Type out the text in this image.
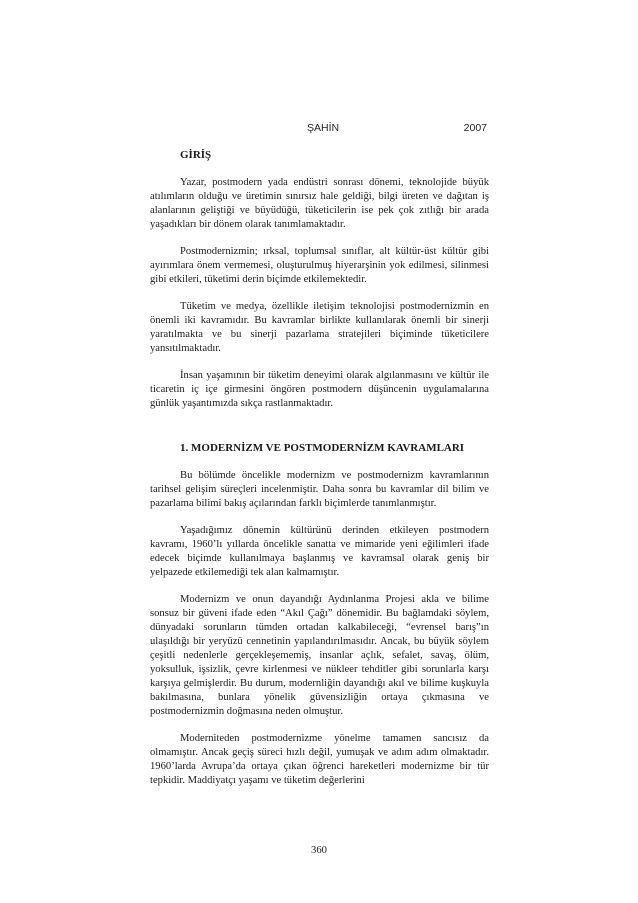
ŞAHİN	2007
GİRİŞ

Yazar, postmodern yada endüstri sonrası dönemi, teknolojide büyük atılımların olduğu ve üretimin sınırsız hale geldiği, bilgi üreten ve dağıtan iş alanlarının geliştiği ve büyüdüğü, tüketicilerin ise pek çok zıtlığı bir arada yaşadıkları bir dönem olarak tanımlamaktadır.

Postmodernizmin; ırksal, toplumsal sınıflar, alt kültür-üst kültür gibi ayırımlara önem vermemesi, oluşturulmuş hiyerarşinin yok edilmesi, silinmesi gibi etkileri, tüketimi derin biçimde etkilemektedir.

Tüketim ve medya, özellikle iletişim teknolojisi postmodernizmin en önemli iki kavramıdır. Bu kavramlar birlikte kullanılarak önemli bir sinerji yaratılmakta ve bu sinerji pazarlama stratejileri biçiminde tüketicilere yansıtılmaktadır.

İnsan yaşamının bir tüketim deneyimi olarak algılanmasını ve kültür ile ticaretin iç içe girmesini öngören postmodern düşüncenin uygulamalarına günlük yaşantımızda sıkça rastlanmaktadır.

1. MODERNİZM VE POSTMODERNİZM KAVRAMLARI

Bu bölümde öncelikle modernizm ve postmodernizm kavramlarının tarihsel gelişim süreçleri incelenmiştir. Daha sonra bu kavramlar dil bilim ve pazarlama bilimi bakış açılarından farklı biçimlerde tanımlanmıştır.

Yaşadığımız dönemin kültürünü derinden etkileyen postmodern kavramı, 1960’lı yıllarda öncelikle sanatta ve mimaride yeni eğilimleri ifade edecek biçimde kullanılmaya başlanmış ve kavramsal olarak geniş bir yelpazede etkilemediği tek alan kalmamıştır.

Modernizm ve onun dayandığı Aydınlanma Projesi akla ve bilime sonsuz bir güveni ifade eden “Akıl Çağı” dönemidir. Bu bağlamdaki söylem, dünyadaki sorunların tümden ortadan kalkabileceği, “evrensel barış”ın ulaşıldığı bir yeryüzü cennetinin yapılandırılmasıdır. Ancak, bu büyük söylem çeşitli nedenlerle gerçekleşememiş, insanlar açlık, sefalet, savaş, ölüm, yoksulluk, işsizlik, çevre kirlenmesi ve nükleer tehditler gibi sorunlarla karşı karşıya gelmişlerdir. Bu durum, modernliğin dayandığı akıl ve bilime kuşkuyla bakılmasına, bunlara yönelik güvensizliğin ortaya çıkmasına ve postmodernizmin doğmasına neden olmuştur.

Moderniteden postmodernizme yönelme tamamen sancısız da olmamıştır. Ancak geçiş süreci hızlı değil, yumuşak ve adım adım olmaktadır. 1960’larda Avrupa’da ortaya çıkan öğrenci hareketleri modernizme bir tür tepkidir. Maddiyatçı yaşamı ve tüketim değerlerini

360
